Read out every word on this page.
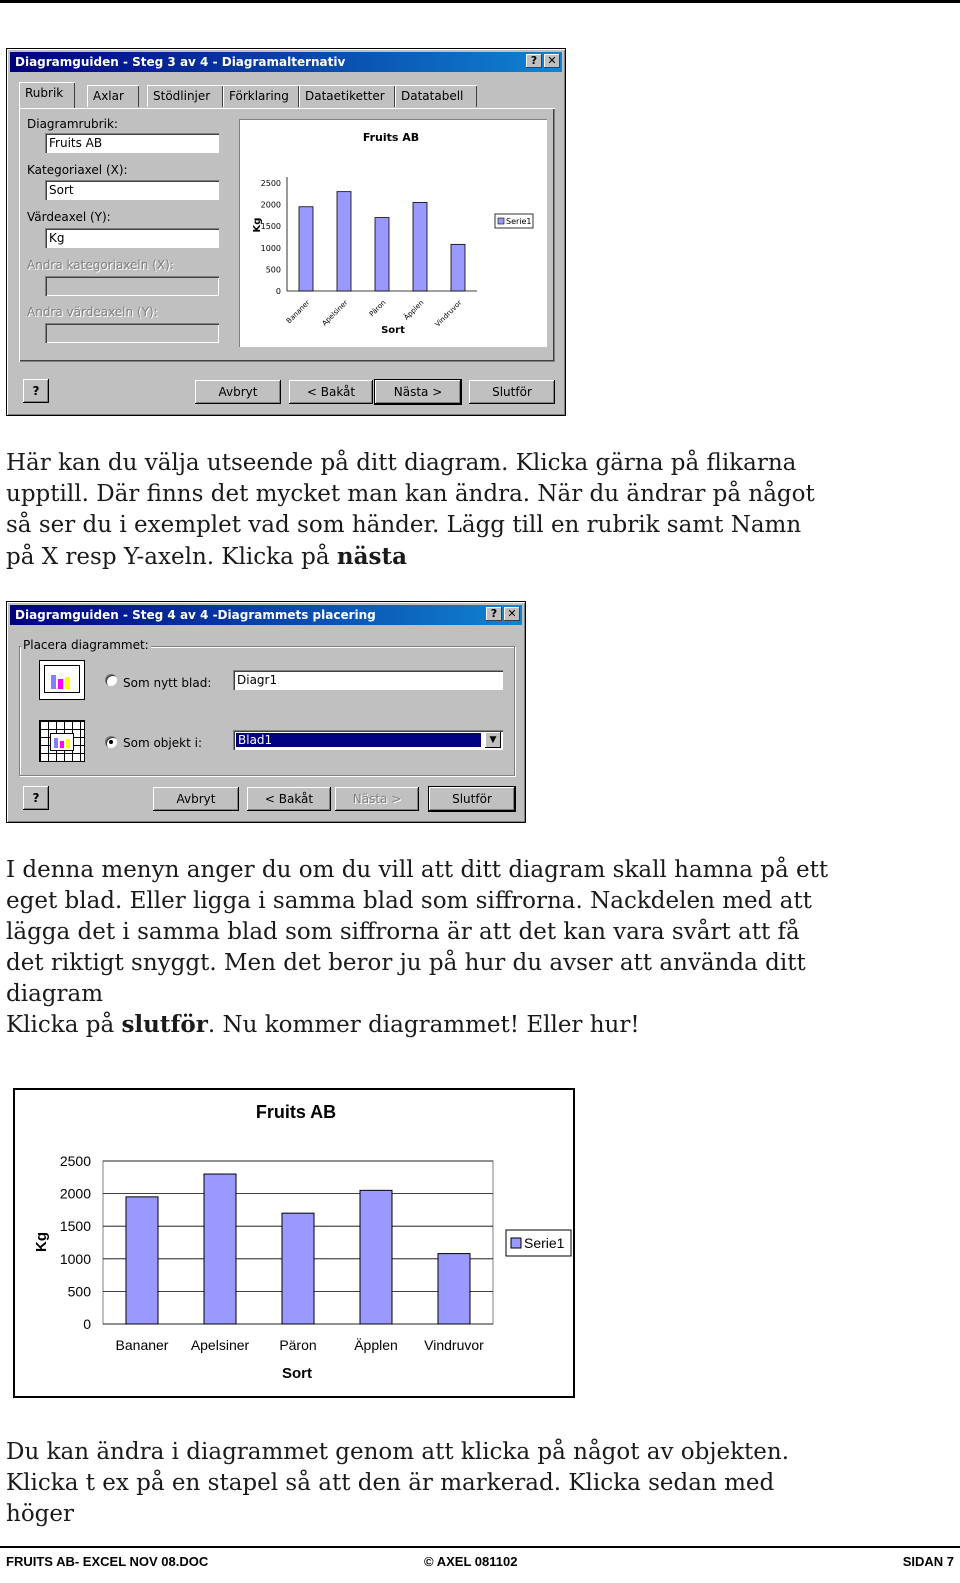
Diagramguiden - Steg 3 av 4 - Diagramalternativ	? ✕
Rubrik	Axlar	Stödlinjer	Förklaring	Dataetiketter	Datatabell
Diagramrubrik:
Fruits AB
Kategoriaxel (X):
Sort
Värdeaxel (Y):
Kg
Andra kategoriaxeln (X):
Andra värdeaxeln (Y):
Fruits AB
Kg
Sort
0
500
1000
1500
2000
2500
Bananer Apelsiner	Päron Äpplen Vindruvor
Serie1
?	Avbryt	< Bakåt	Nästa >	Slutför
Här kan du välja utseende på ditt diagram. Klicka gärna på flikarna upptill. Där finns det mycket man kan ändra. När du ändrar på något så ser du i exemplet vad som händer. Lägg till en rubrik samt Namn på X resp Y-axeln. Klicka på nästa
Diagramguiden - Steg 4 av 4 -Diagrammets placering	? ✕
Placera diagrammet:
Som nytt blad:	Diagr1
Som objekt i:	Blad1	▼
?	Avbryt	< Bakåt	Nästa >	Slutför
I denna menyn anger du om du vill att ditt diagram skall hamna på ett eget blad. Eller ligga i samma blad som siffrorna. Nackdelen med att lägga det i samma blad som siffrorna är att det kan vara svårt att få det riktigt snyggt. Men det beror ju på hur du avser att använda ditt diagram
Klicka på slutför. Nu kommer diagrammet! Eller hur!
Fruits AB
Kg
Sort
0
500
1000
1500
2000
2500
Bananer Apelsiner Päron	Äpplen Vindruvor
Serie1
Du kan ändra i diagrammet genom att klicka på något av objekten. Klicka t ex på en stapel så att den är markerad. Klicka sedan med höger
FRUITS AB- EXCEL NOV 08.DOC	© AXEL 081102	SIDAN 7
